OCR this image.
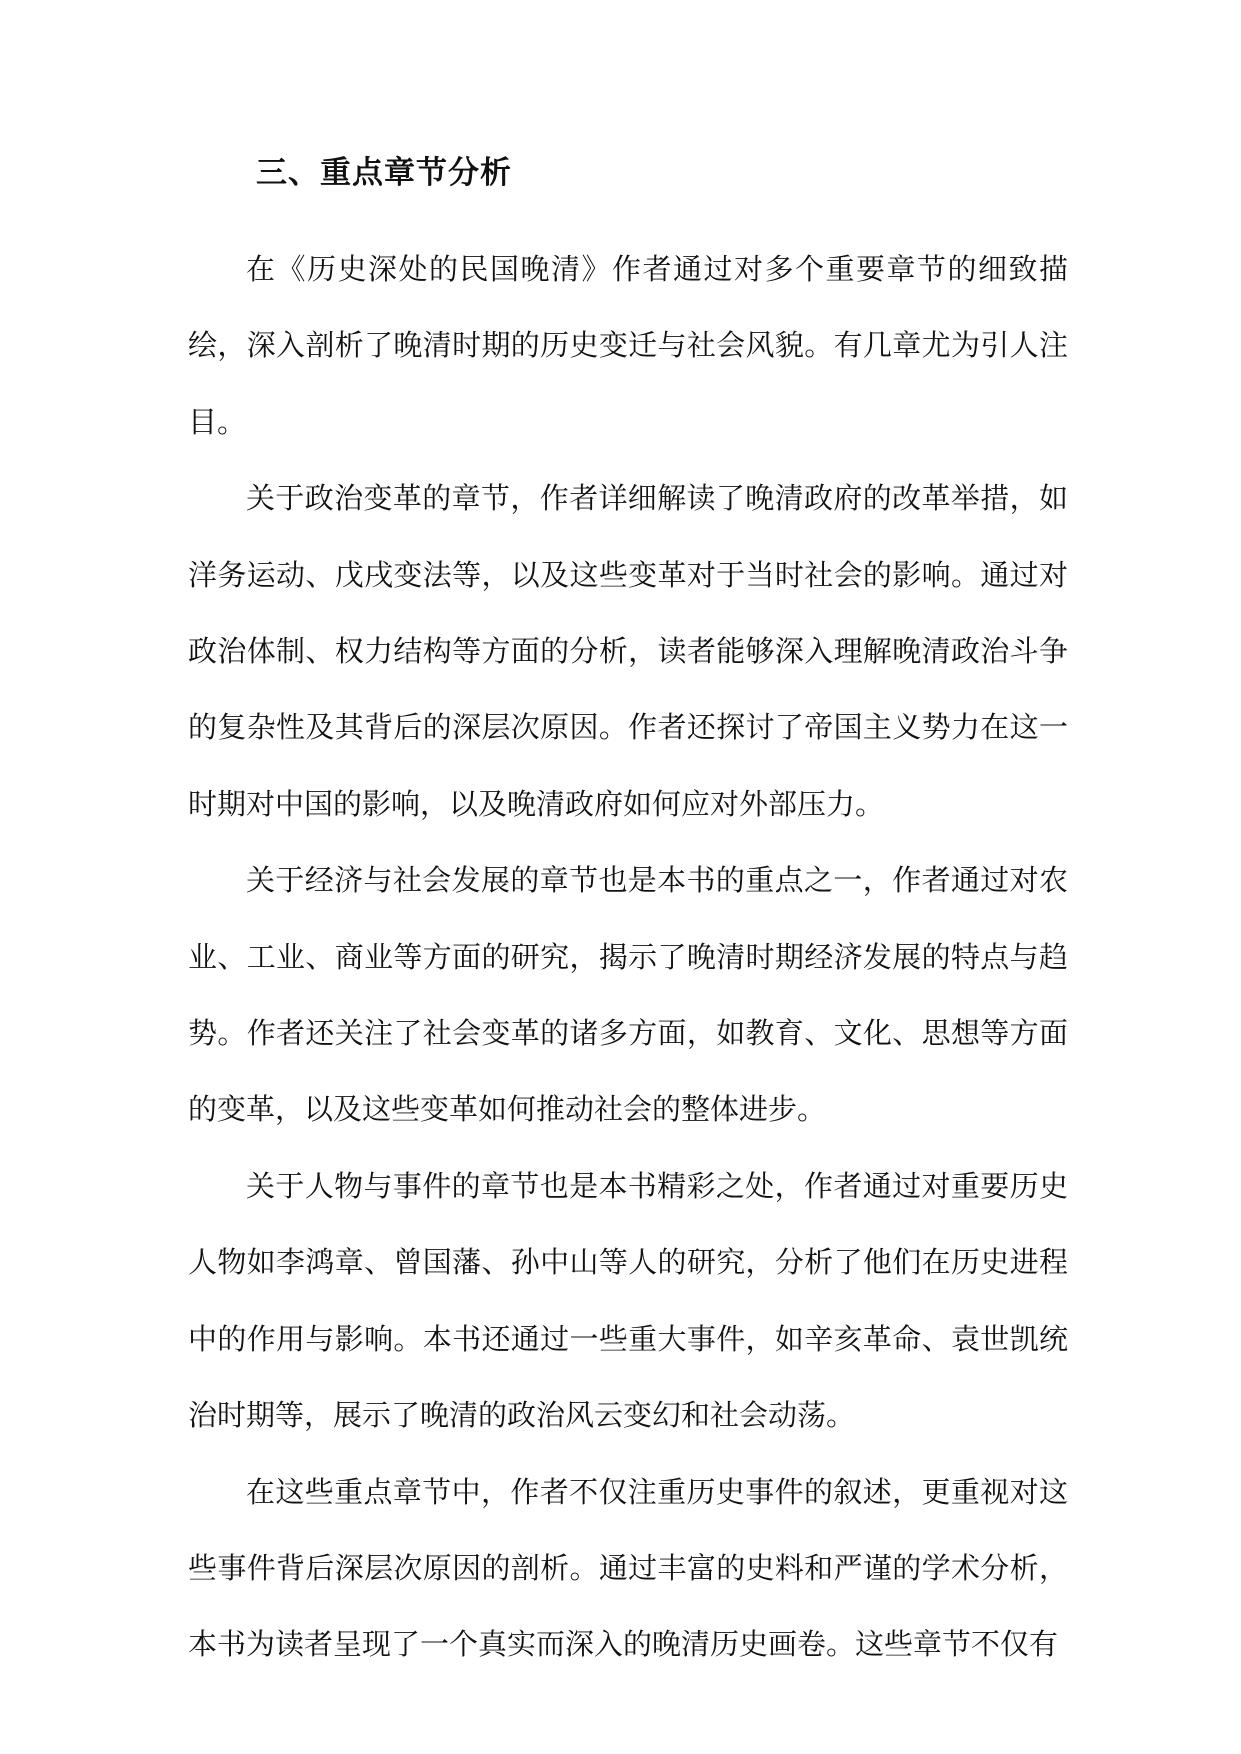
三、重点章节分析

在《历史深处的民国晚清》作者通过对多个重要章节的细致描绘，深入剖析了晚清时期的历史变迁与社会风貌。有几章尤为引人注目。

关于政治变革的章节，作者详细解读了晚清政府的改革举措，如洋务运动、戊戌变法等，以及这些变革对于当时社会的影响。通过对政治体制、权力结构等方面的分析，读者能够深入理解晚清政治斗争的复杂性及其背后的深层次原因。作者还探讨了帝国主义势力在这一时期对中国的影响，以及晚清政府如何应对外部压力。

关于经济与社会发展的章节也是本书的重点之一，作者通过对农业、工业、商业等方面的研究，揭示了晚清时期经济发展的特点与趋势。作者还关注了社会变革的诸多方面，如教育、文化、思想等方面的变革，以及这些变革如何推动社会的整体进步。

关于人物与事件的章节也是本书精彩之处，作者通过对重要历史人物如李鸿章、曾国藩、孙中山等人的研究，分析了他们在历史进程中的作用与影响。本书还通过一些重大事件，如辛亥革命、袁世凯统治时期等，展示了晚清的政治风云变幻和社会动荡。

在这些重点章节中，作者不仅注重历史事件的叙述，更重视对这些事件背后深层次原因的剖析。通过丰富的史料和严谨的学术分析，本书为读者呈现了一个真实而深入的晚清历史画卷。这些章节不仅有
